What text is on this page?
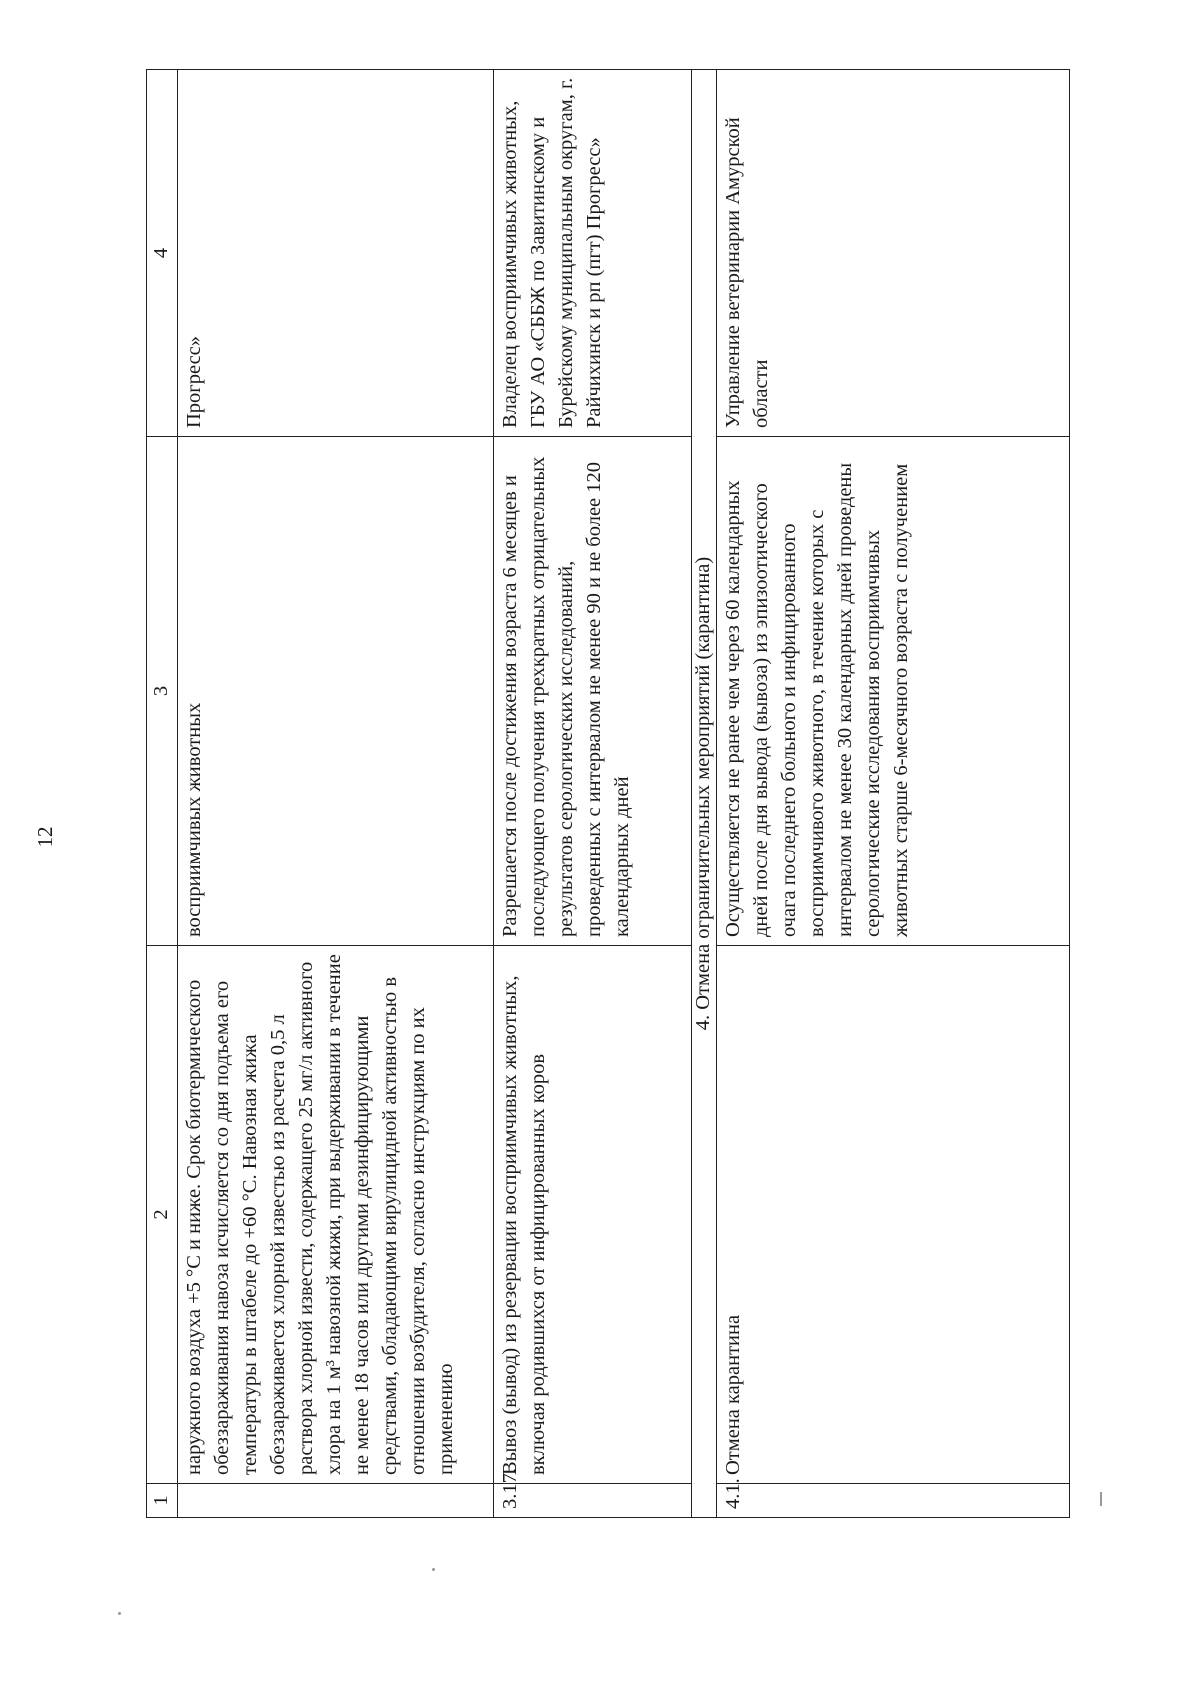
12
1	2	3	4
	наружного воздуха +5 °С и ниже. Срок биотермического обеззараживания навоза исчисляется со дня подъема его температуры в штабеле до +60 °С. Навозная жижа обеззараживается хлорной известью из расчета 0,5 л раствора хлорной извести, содержащего 25 мг/л активного хлора на 1 м³ навозной жижи, при выдерживании в течение не менее 18 часов или другими дезинфицирующими средствами, обладающими вирулицидной активностью в отношении возбудителя, согласно инструкциям по их применению	восприимчивых животных	Прогресс»
3.17.	Вывоз (вывод) из резервации восприимчивых животных, включая родившихся от инфицированных коров	Разрешается после достижения возраста 6 месяцев и последующего получения трехкратных отрицательных результатов серологических исследований, проведенных с интервалом не менее 90 и не более 120 календарных дней	Владелец восприимчивых животных, ГБУ АО «СББЖ по Завитинскому и Бурейскому муниципальным округам, г. Райчихинск и рп (пгт) Прогресс»
4. Отмена ограничительных мероприятий (карантина)			
4.1.	Отмена карантина	Осуществляется не ранее чем через 60 календарных дней после дня вывода (вывоза) из эпизоотического очага последнего больного и инфицированного восприимчивого животного, в течение которых с интервалом не менее 30 календарных дней проведены серологические исследования восприимчивых животных старше 6-месячного возраста с получением	Управление ветеринарии Амурской области
